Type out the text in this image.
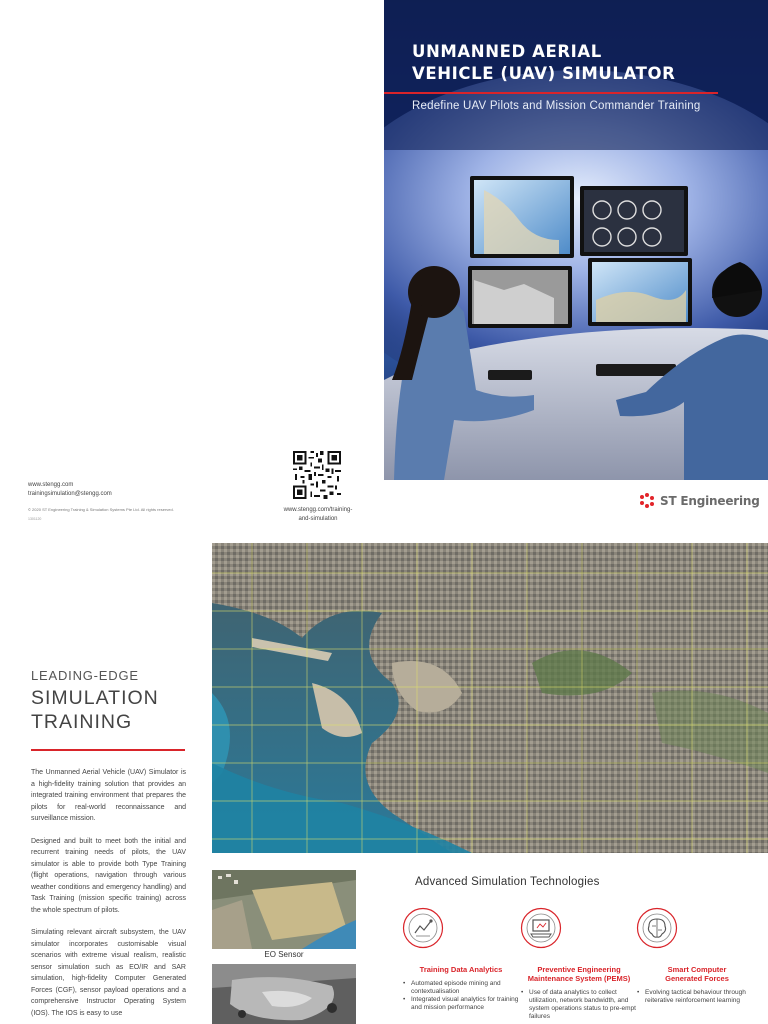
www.stengg.com
trainingsimulation@stengg.com
© 2020 ST Engineering Training & Simulation Systems Pte Ltd. All rights reserved.
1301120
www.stengg.com/training-
and-simulation
UNMANNED AERIAL
VEHICLE (UAV) SIMULATOR
Redefine UAV Pilots and Mission Commander Training
ST Engineering
LEADING-EDGE
SIMULATION
TRAINING

The Unmanned Aerial Vehicle (UAV) Simulator is a high-fidelity training solution that provides an integrated training environment that prepares the pilots for real-world reconnaissance and surveillance mission.

Designed and built to meet both the initial and recurrent training needs of pilots, the UAV simulator is able to provide both Type Training (flight operations, navigation through various weather conditions and emergency handling) and Task Training (mission specific training) across the whole spectrum of pilots.

Simulating relevant aircraft subsystem, the UAV simulator incorporates customisable visual scenarios with extreme visual realism, realistic sensor simulation such as EO/IR and SAR simulation, high-fidelity Computer Generated Forces (CGF), sensor payload operations and a comprehensive Instructor Operating System (IOS). The IOS is easy to use

EO Sensor
Advanced Simulation Technologies
Training Data Analytics
• Automated episode mining and contextualisation
• Integrated visual analytics for training and mission performance
Preventive Engineering
Maintenance System (PEMS)
• Use of data analytics to collect utilization, network bandwidth, and system operations status to pre-empt failures
Smart Computer
Generated Forces
• Evolving tactical behaviour through reiterative reinforcement learning
